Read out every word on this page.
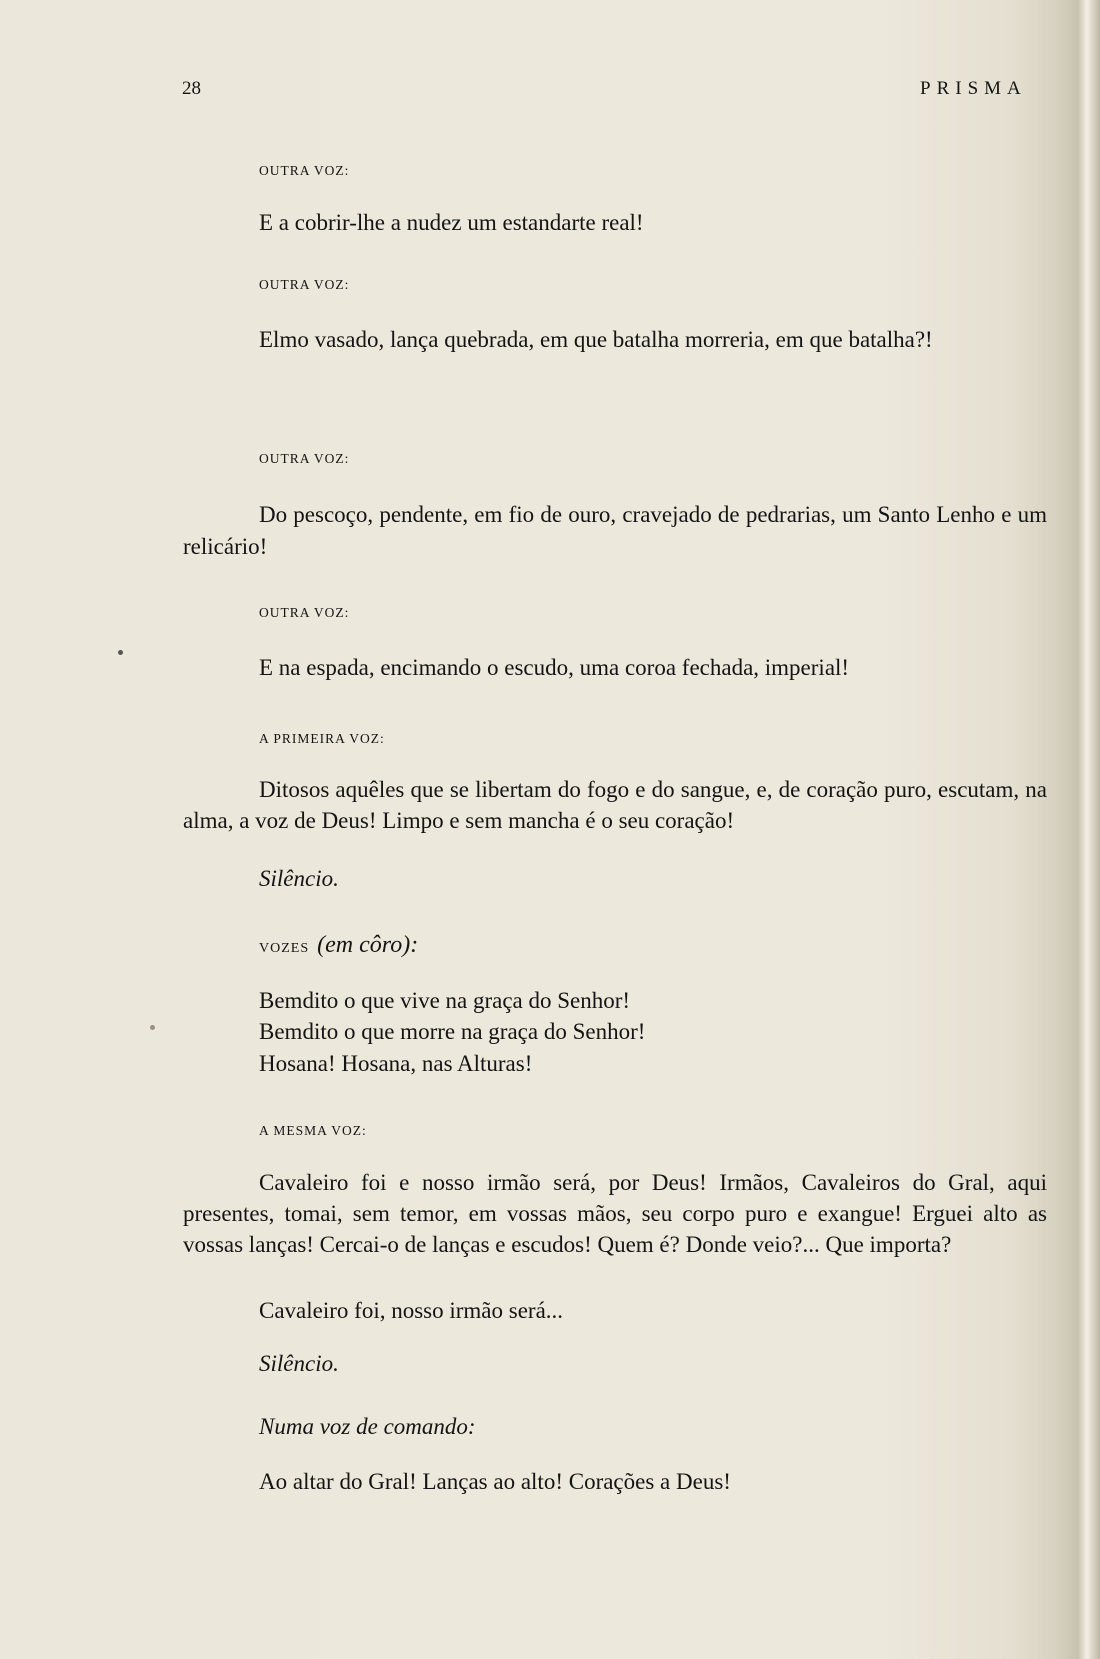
28	PRISMA
OUTRA VOZ:
E a cobrir-lhe a nudez um estandarte real!
OUTRA VOZ:

Elmo vasado, lança quebrada, em que batalha morreria, em que batalha?!

OUTRA VOZ:

Do pescoço, pendente, em fio de ouro, cravejado de pedrarias, um Santo Lenho e um relicário!

OUTRA VOZ:
E na espada, encimando o escudo, uma coroa fechada, imperial!
A PRIMEIRA VOZ:

Ditosos aquêles que se libertam do fogo e do sangue, e, de coração puro, escutam, na alma, a voz de Deus! Limpo e sem mancha é o seu coração!

Silêncio.
VOZES (em côro):
Bemdito o que vive na graça do Senhor!
Bemdito o que morre na graça do Senhor!
Hosana! Hosana, nas Alturas!
A MESMA VOZ:

Cavaleiro foi e nosso irmão será, por Deus! Irmãos, Cavaleiros do Gral, aqui presentes, tomai, sem temor, em vossas mãos, seu corpo puro e exangue! Erguei alto as vossas lanças! Cercai-o de lanças e escudos! Quem é? Donde veio?... Que importa?

Cavaleiro foi, nosso irmão será...
Silêncio.
Numa voz de comando:
Ao altar do Gral! Lanças ao alto! Corações a Deus!
